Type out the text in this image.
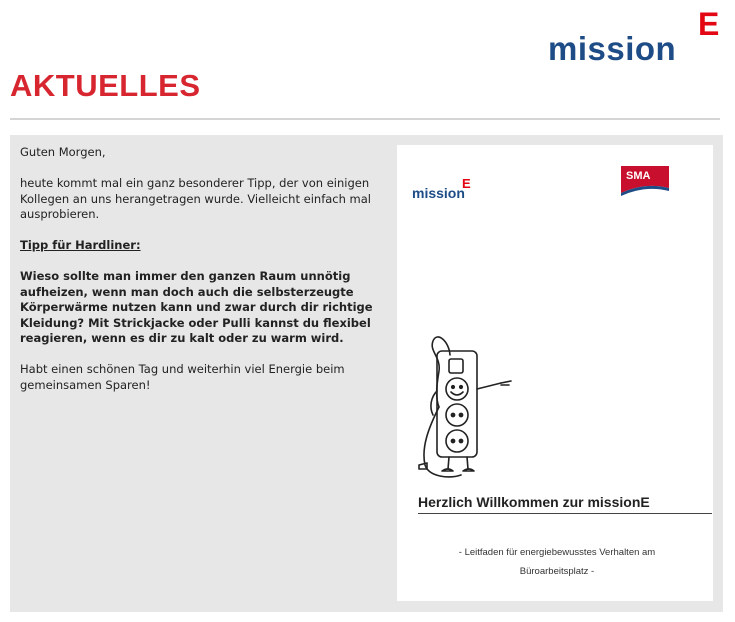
mission
E
AKTUELLES

Guten Morgen,

heute kommt mal ein ganz besonderer Tipp, der von einigen Kollegen an uns herangetragen wurde. Vielleicht einfach mal ausprobieren.

Tipp für Hardliner:

Wieso sollte man immer den ganzen Raum unnötig aufheizen, wenn man doch auch die selbsterzeugte Körperwärme nutzen kann und zwar durch dir richtige Kleidung? Mit Strickjacke oder Pulli kannst du flexibel reagieren, wenn es dir zu kalt oder zu warm wird.

Habt einen schönen Tag und weiterhin viel Energie beim gemeinsamen Sparen!

mission
E	SMA
Herzlich Willkommen zur missionE
- Leitfaden für energiebewusstes Verhalten am
Büroarbeitsplatz -
